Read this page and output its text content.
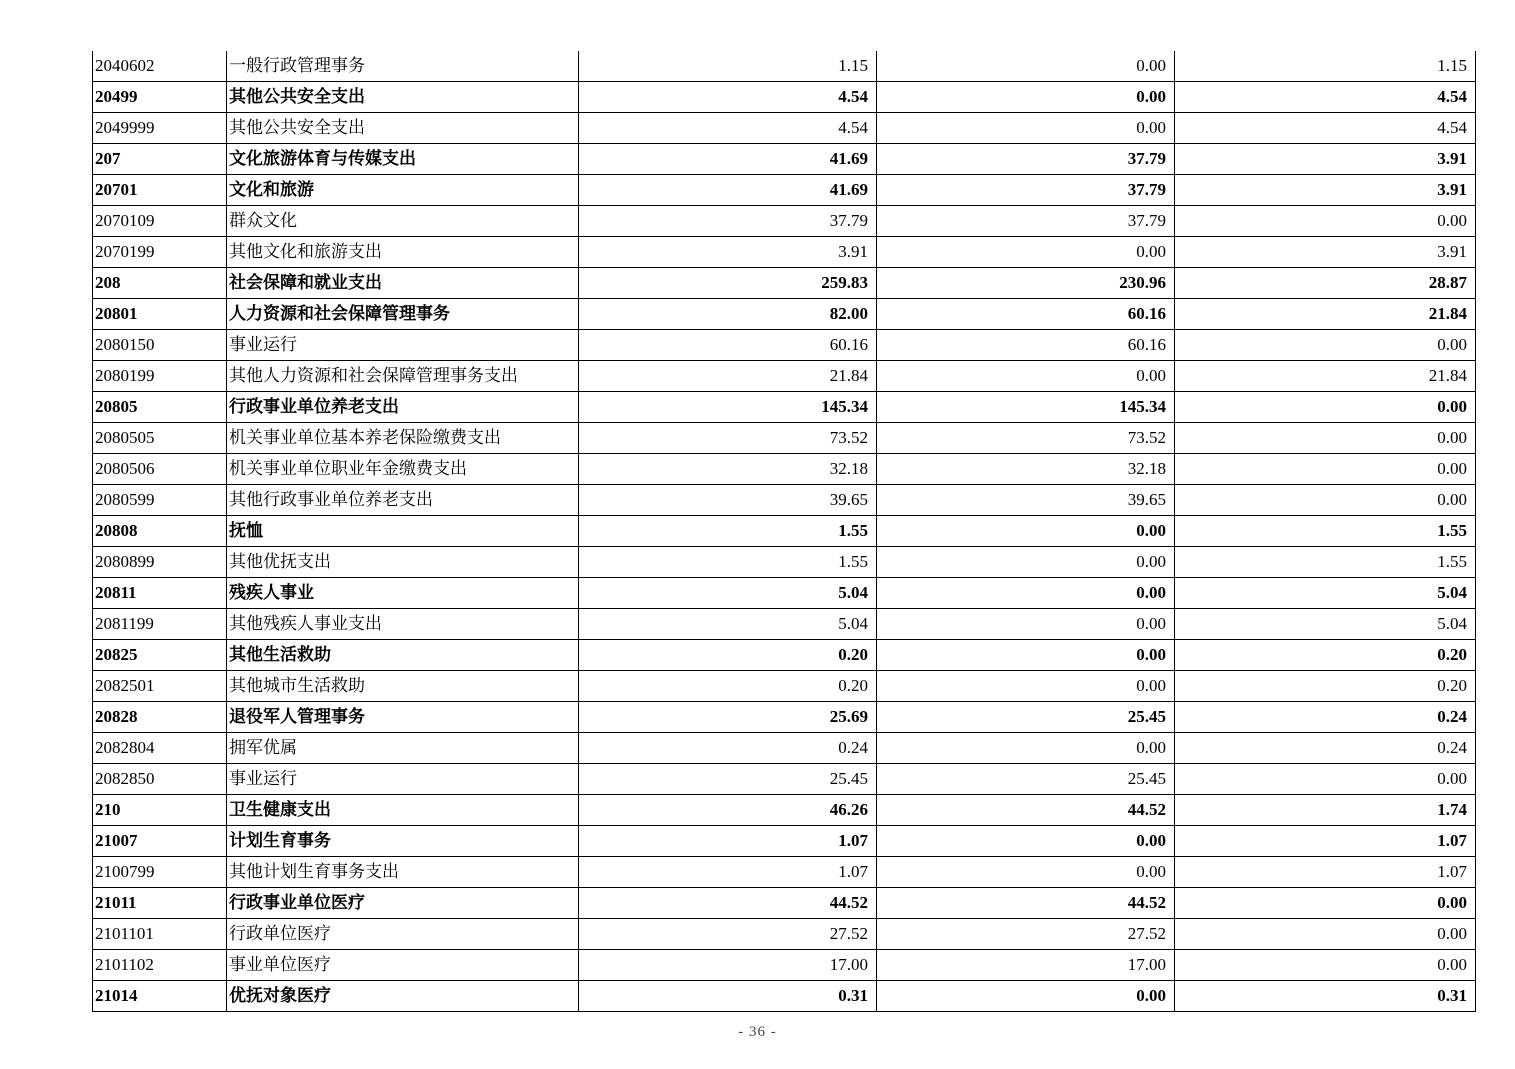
2040602	一般行政管理事务	1.15	0.00	1.15
20499	其他公共安全支出	4.54	0.00	4.54
2049999	其他公共安全支出	4.54	0.00	4.54
207	文化旅游体育与传媒支出	41.69	37.79	3.91
20701	文化和旅游	41.69	37.79	3.91
2070109	群众文化	37.79	37.79	0.00
2070199	其他文化和旅游支出	3.91	0.00	3.91
208	社会保障和就业支出	259.83	230.96	28.87
20801	人力资源和社会保障管理事务	82.00	60.16	21.84
2080150	事业运行	60.16	60.16	0.00
2080199	其他人力资源和社会保障管理事务支出	21.84	0.00	21.84
20805	行政事业单位养老支出	145.34	145.34	0.00
2080505	机关事业单位基本养老保险缴费支出	73.52	73.52	0.00
2080506	机关事业单位职业年金缴费支出	32.18	32.18	0.00
2080599	其他行政事业单位养老支出	39.65	39.65	0.00
20808	抚恤	1.55	0.00	1.55
2080899	其他优抚支出	1.55	0.00	1.55
20811	残疾人事业	5.04	0.00	5.04
2081199	其他残疾人事业支出	5.04	0.00	5.04
20825	其他生活救助	0.20	0.00	0.20
2082501	其他城市生活救助	0.20	0.00	0.20
20828	退役军人管理事务	25.69	25.45	0.24
2082804	拥军优属	0.24	0.00	0.24
2082850	事业运行	25.45	25.45	0.00
210	卫生健康支出	46.26	44.52	1.74
21007	计划生育事务	1.07	0.00	1.07
2100799	其他计划生育事务支出	1.07	0.00	1.07
21011	行政事业单位医疗	44.52	44.52	0.00
2101101	行政单位医疗	27.52	27.52	0.00
2101102	事业单位医疗	17.00	17.00	0.00
21014	优抚对象医疗	0.31	0.00	0.31
- 36 -
